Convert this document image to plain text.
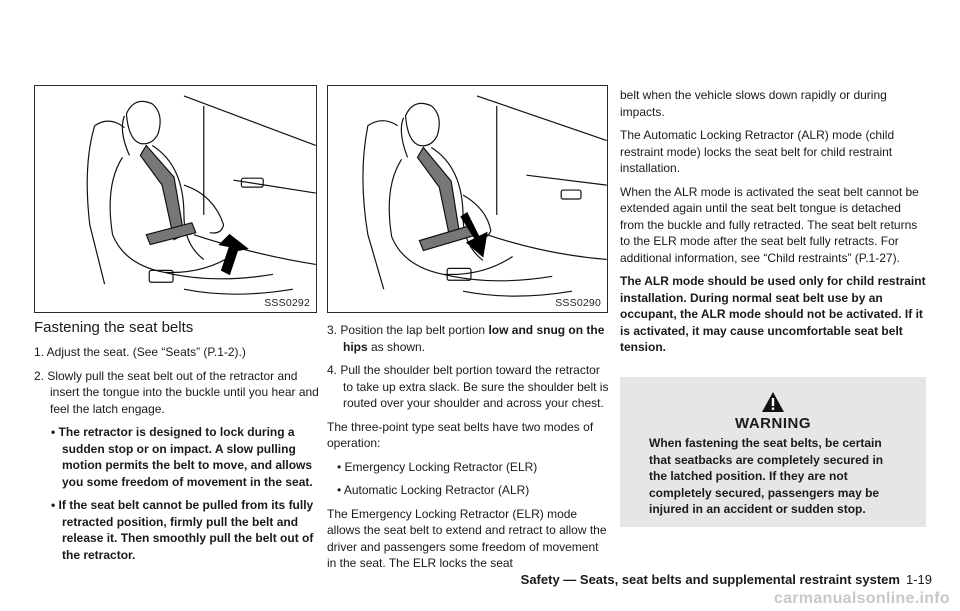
SSS0292	SSS0290
Fastening the seat belts

1. Adjust the seat. (See “Seats” (P.1-2).)

2. Slowly pull the seat belt out of the retractor and insert the tongue into the buckle until you hear and feel the latch engage.

• The retractor is designed to lock during a sudden stop or on impact. A slow pulling motion permits the belt to move, and allows you some freedom of movement in the seat.

• If the seat belt cannot be pulled from its fully retracted position, firmly pull the belt and release it. Then smoothly pull the belt out of the retractor.

3. Position the lap belt portion low and snug on the hips as shown.

4. Pull the shoulder belt portion toward the retractor to take up extra slack. Be sure the shoulder belt is routed over your shoulder and across your chest.

The three-point type seat belts have two modes of operation:

• Emergency Locking Retractor (ELR)

• Automatic Locking Retractor (ALR)

The Emergency Locking Retractor (ELR) mode allows the seat belt to extend and retract to allow the driver and passengers some freedom of movement in the seat. The ELR locks the seat

belt when the vehicle slows down rapidly or during impacts.

The Automatic Locking Retractor (ALR) mode (child restraint mode) locks the seat belt for child restraint installation.

When the ALR mode is activated the seat belt cannot be extended again until the seat belt tongue is detached from the buckle and fully retracted. The seat belt returns to the ELR mode after the seat belt fully retracts. For additional information, see “Child restraints” (P.1-27).

The ALR mode should be used only for child restraint installation. During normal seat belt use by an occupant, the ALR mode should not be activated. If it is activated, it may cause uncomfortable seat belt tension.

WARNING
When fastening the seat belts, be certain that seatbacks are completely secured in the latched position. If they are not completely secured, passengers may be injured in an accident or sudden stop.
Safety — Seats, seat belts and supplemental restraint system 1-19
carmanualsonline.info
